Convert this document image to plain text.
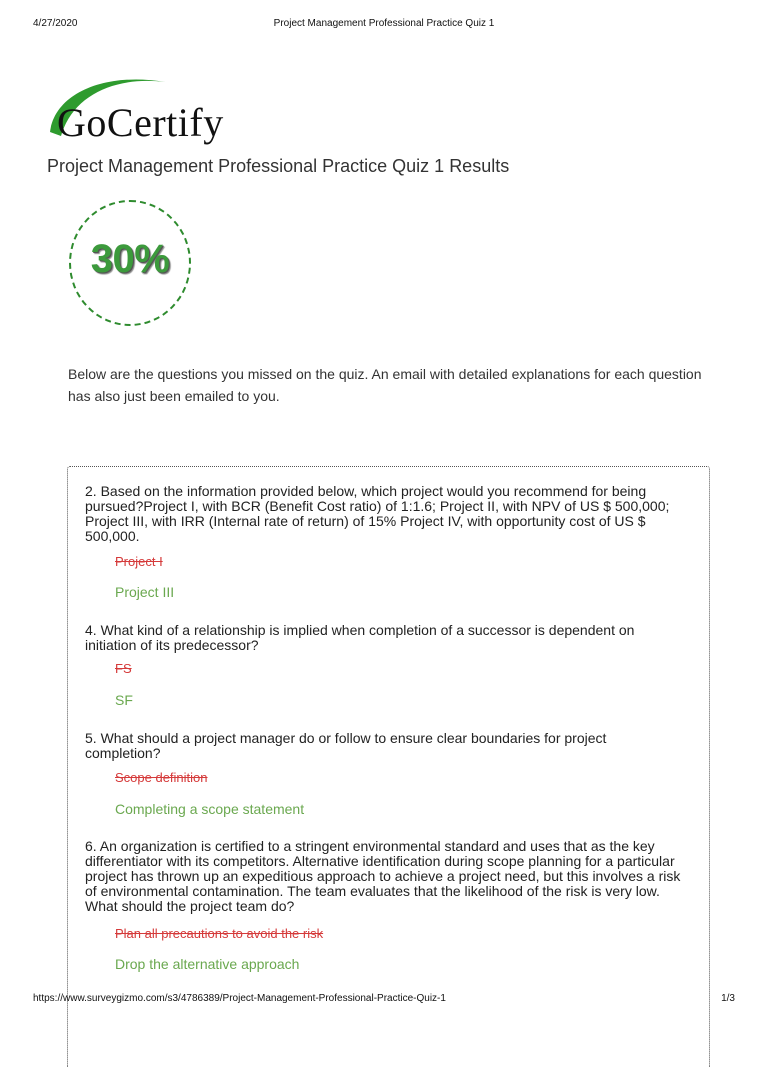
4/27/2020	Project Management Professional Practice Quiz 1
GoCertify
Project Management Professional Practice Quiz 1 Results
30%

Below are the questions you missed on the quiz. An email with detailed explanations for each question has also just been emailed to you.

2. Based on the information provided below, which project would you recommend for being pursued?Project I, with BCR (Benefit Cost ratio) of 1:1.6; Project II, with NPV of US $ 500,000; Project III, with IRR (Internal rate of return) of 15% Project IV, with opportunity cost of US $ 500,000.

Project I
Project III

4. What kind of a relationship is implied when completion of a successor is dependent on initiation of its predecessor?

FS
SF

5. What should a project manager do or follow to ensure clear boundaries for project completion?

Scope definition
Completing a scope statement

6. An organization is certified to a stringent environmental standard and uses that as the key differentiator with its competitors. Alternative identification during scope planning for a particular project has thrown up an expeditious approach to achieve a project need, but this involves a risk of environmental contamination. The team evaluates that the likelihood of the risk is very low. What should the project team do?

Plan all precautions to avoid the risk
Drop the alternative approach
https://www.surveygizmo.com/s3/4786389/Project-Management-Professional-Practice-Quiz-1	1/3
